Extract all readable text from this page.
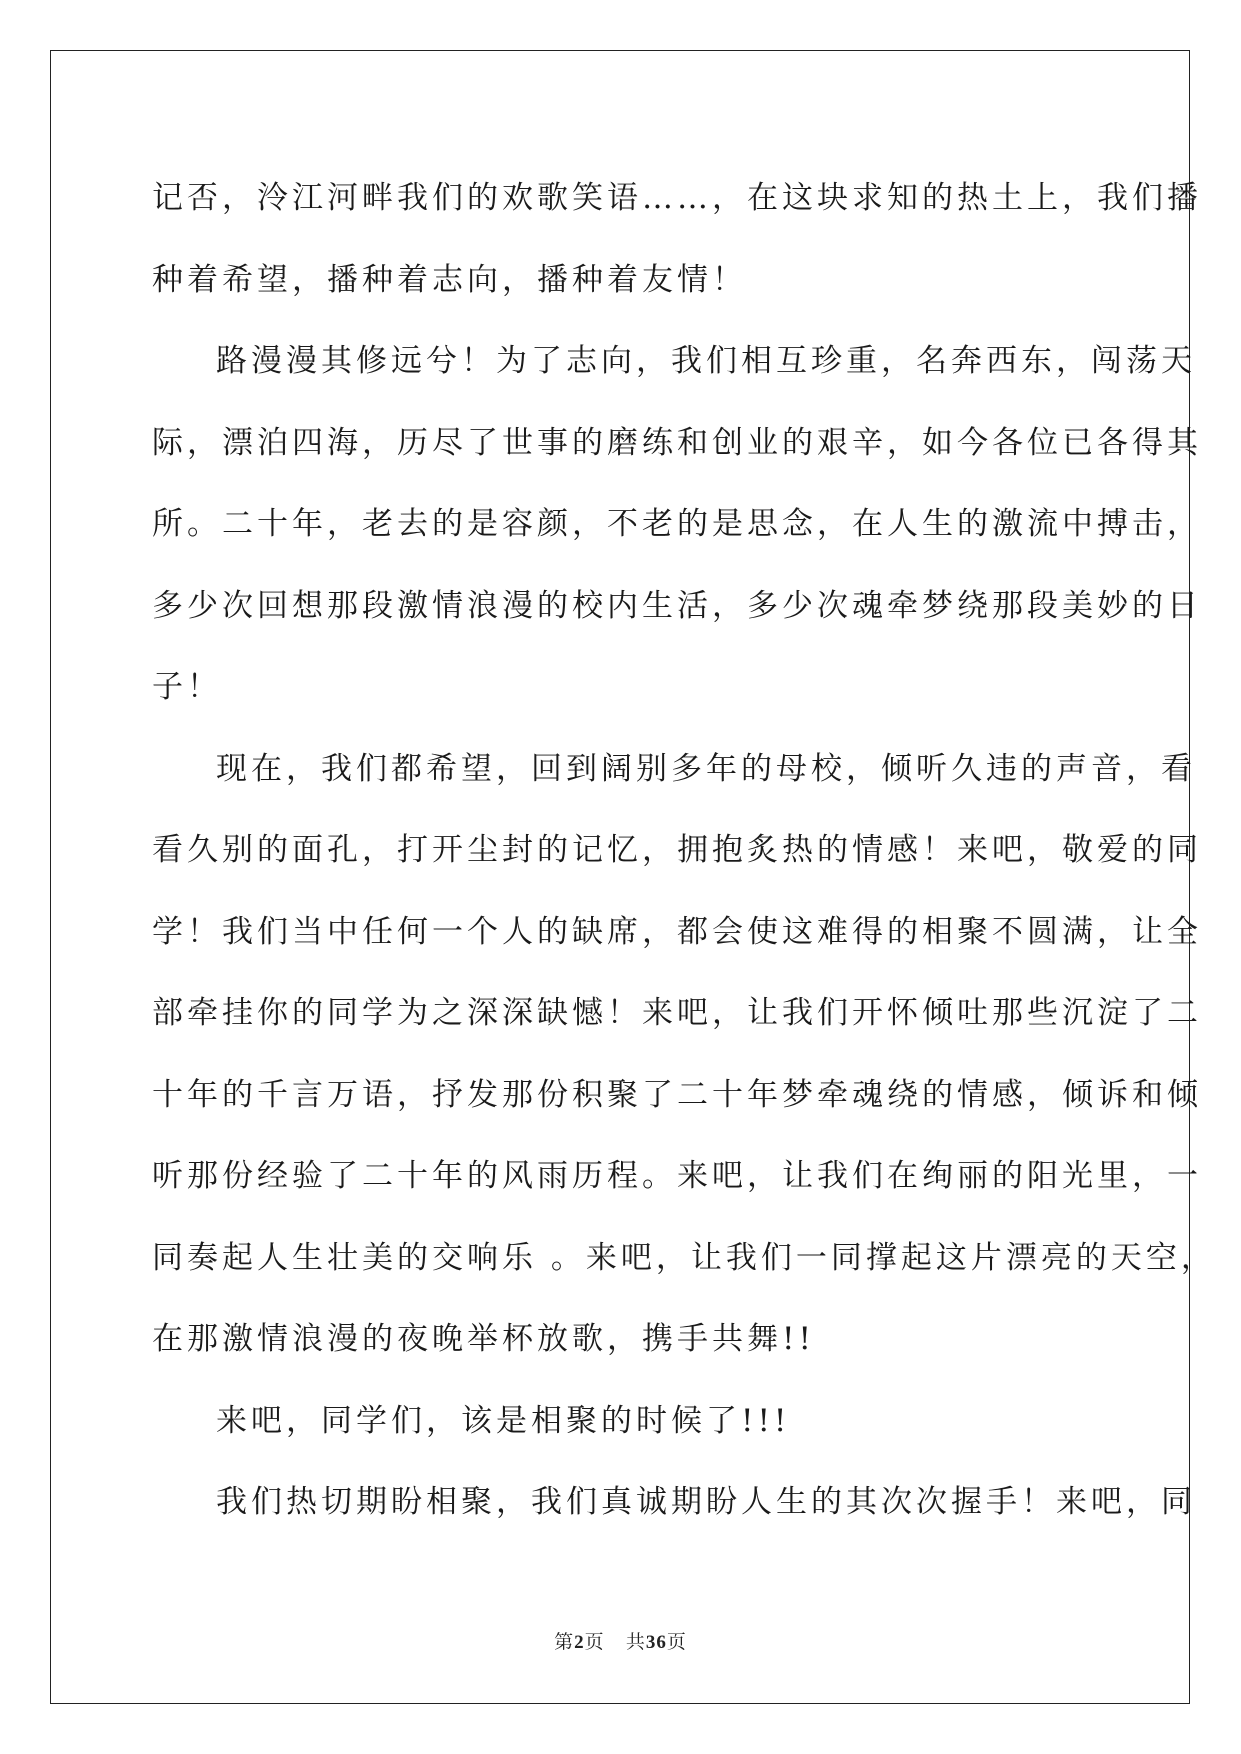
记否，泠江河畔我们的欢歌笑语……，在这块求知的热土上，我们播
种着希望，播种着志向，播种着友情！
路漫漫其修远兮！为了志向，我们相互珍重，名奔西东，闯荡天
际，漂泊四海，历尽了世事的磨练和创业的艰辛，如今各位已各得其
所。二十年，老去的是容颜，不老的是思念，在人生的激流中搏击，
多少次回想那段激情浪漫的校内生活，多少次魂牵梦绕那段美妙的日
子！
现在，我们都希望，回到阔别多年的母校，倾听久违的声音，看
看久别的面孔，打开尘封的记忆，拥抱炙热的情感！来吧，敬爱的同
学！我们当中任何一个人的缺席，都会使这难得的相聚不圆满，让全
部牵挂你的同学为之深深缺憾！来吧，让我们开怀倾吐那些沉淀了二
十年的千言万语，抒发那份积聚了二十年梦牵魂绕的情感，倾诉和倾
听那份经验了二十年的风雨历程。来吧，让我们在绚丽的阳光里，一
同奏起人生壮美的交响乐 。来吧，让我们一同撑起这片漂亮的天空，
在那激情浪漫的夜晚举杯放歌，携手共舞!!
来吧，同学们，该是相聚的时候了!!!
我们热切期盼相聚，我们真诚期盼人生的其次次握手！来吧，同
第2页 共36页
